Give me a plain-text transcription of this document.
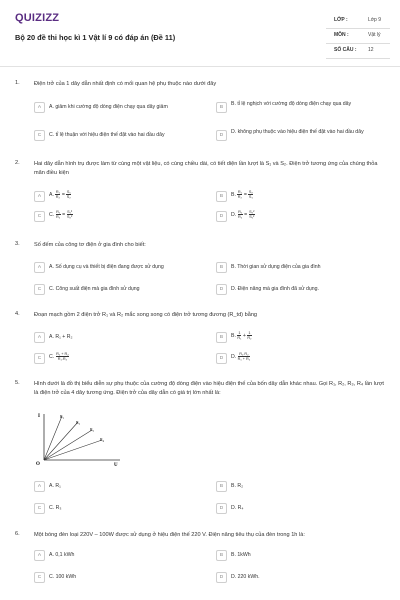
QUIZIZZ
Bộ 20 đề thi học kì 1 Vật lí 9 có đáp án (Đề 11)
LỚP :	Lớp 9
MÔN :	Vật lý
SỐ CÂU : 12
1.	Điện trở của 1 dây dẫn nhất định có mối quan hệ phụ thuộc nào dưới đây
A	A. giảm khi cường độ dòng điện chạy qua dây giảm	B
B. tỉ lệ nghịch với cường độ dòng điện chạy qua dây
C	C. tỉ lệ thuận với hiệu điện thế đặt vào hai đầu dây	D
D. không phụ thuộc vào hiệu điện thế đặt vào hai đầu dây
2.	Hai dây dẫn hình trụ được làm từ cùng một vật liệu, có cùng chiều dài, có tiết diện lần lượt là S₁ và S₂. Điện trở tương ứng của chúng thỏa mãn điều kiện
A	A. $\frac{\text{R₁}}{\text{R₂}} = \frac{\text{S₁}}{\text{S₂}}$	B	B. $\frac{\text{R₁}}{\text{R₂}} = \frac{\text{S₂}}{\text{S₁}}$
C	C. $\frac{\text{R₁}}{\text{R₂}} = \frac{\text{S₁²}}{\text{S₂²}}$	D	D. $\frac{\text{R₁}}{\text{R₂}} = \frac{\text{S₂²}}{\text{S₁²}}$
3.	Số đếm của công tơ điện ở gia đình cho biết:
A	A. Số dụng cụ và thiết bị điện đang được sử dụng	B	B. Thời gian sử dụng điện của gia đình
C	C. Công suất điện mà gia đình sử dụng	D	D. Điện năng mà gia đình đã sử dụng.
4.	Đoạn mạch gồm 2 điện trở R₁ và R₂ mắc song song có điện trở tương đương (R_td) bằng
A	A. R₁ + R₂	B	B. $\frac{1}{\text{R₁}} + \frac{1}{\text{R₂}}$
C	C. $\frac{\text{R₁ + R₂}}{\text{R₁.R₂}}$	D	D. $\frac{\text{R₁.R₂}}{\text{R₁ + R₂}}$
5.	Hình dưới là đồ thị biểu diễn sự phụ thuộc của cường độ dòng điện vào hiệu điện thế của bốn dây dẫn khác nhau. Gọi R₁, R₂, R₃, R₄ lần lượt là điện trở của 4 dây tương ứng. Điện trở của dây dẫn có giá trị lớn nhất là:
I
U
O
R₁
R₂
R₃
R₄
A	A. R₁	B	B. R₂
C	C. R₃	D	D. R₄
6.	Một bóng đèn loại 220V – 100W được sử dụng ở hiệu điện thế 220 V. Điện năng tiêu thụ của đèn trong 1h là:
A	A. 0,1 kWh	B	B. 1kWh
C	C. 100 kWh	D	D. 220 kWh.
